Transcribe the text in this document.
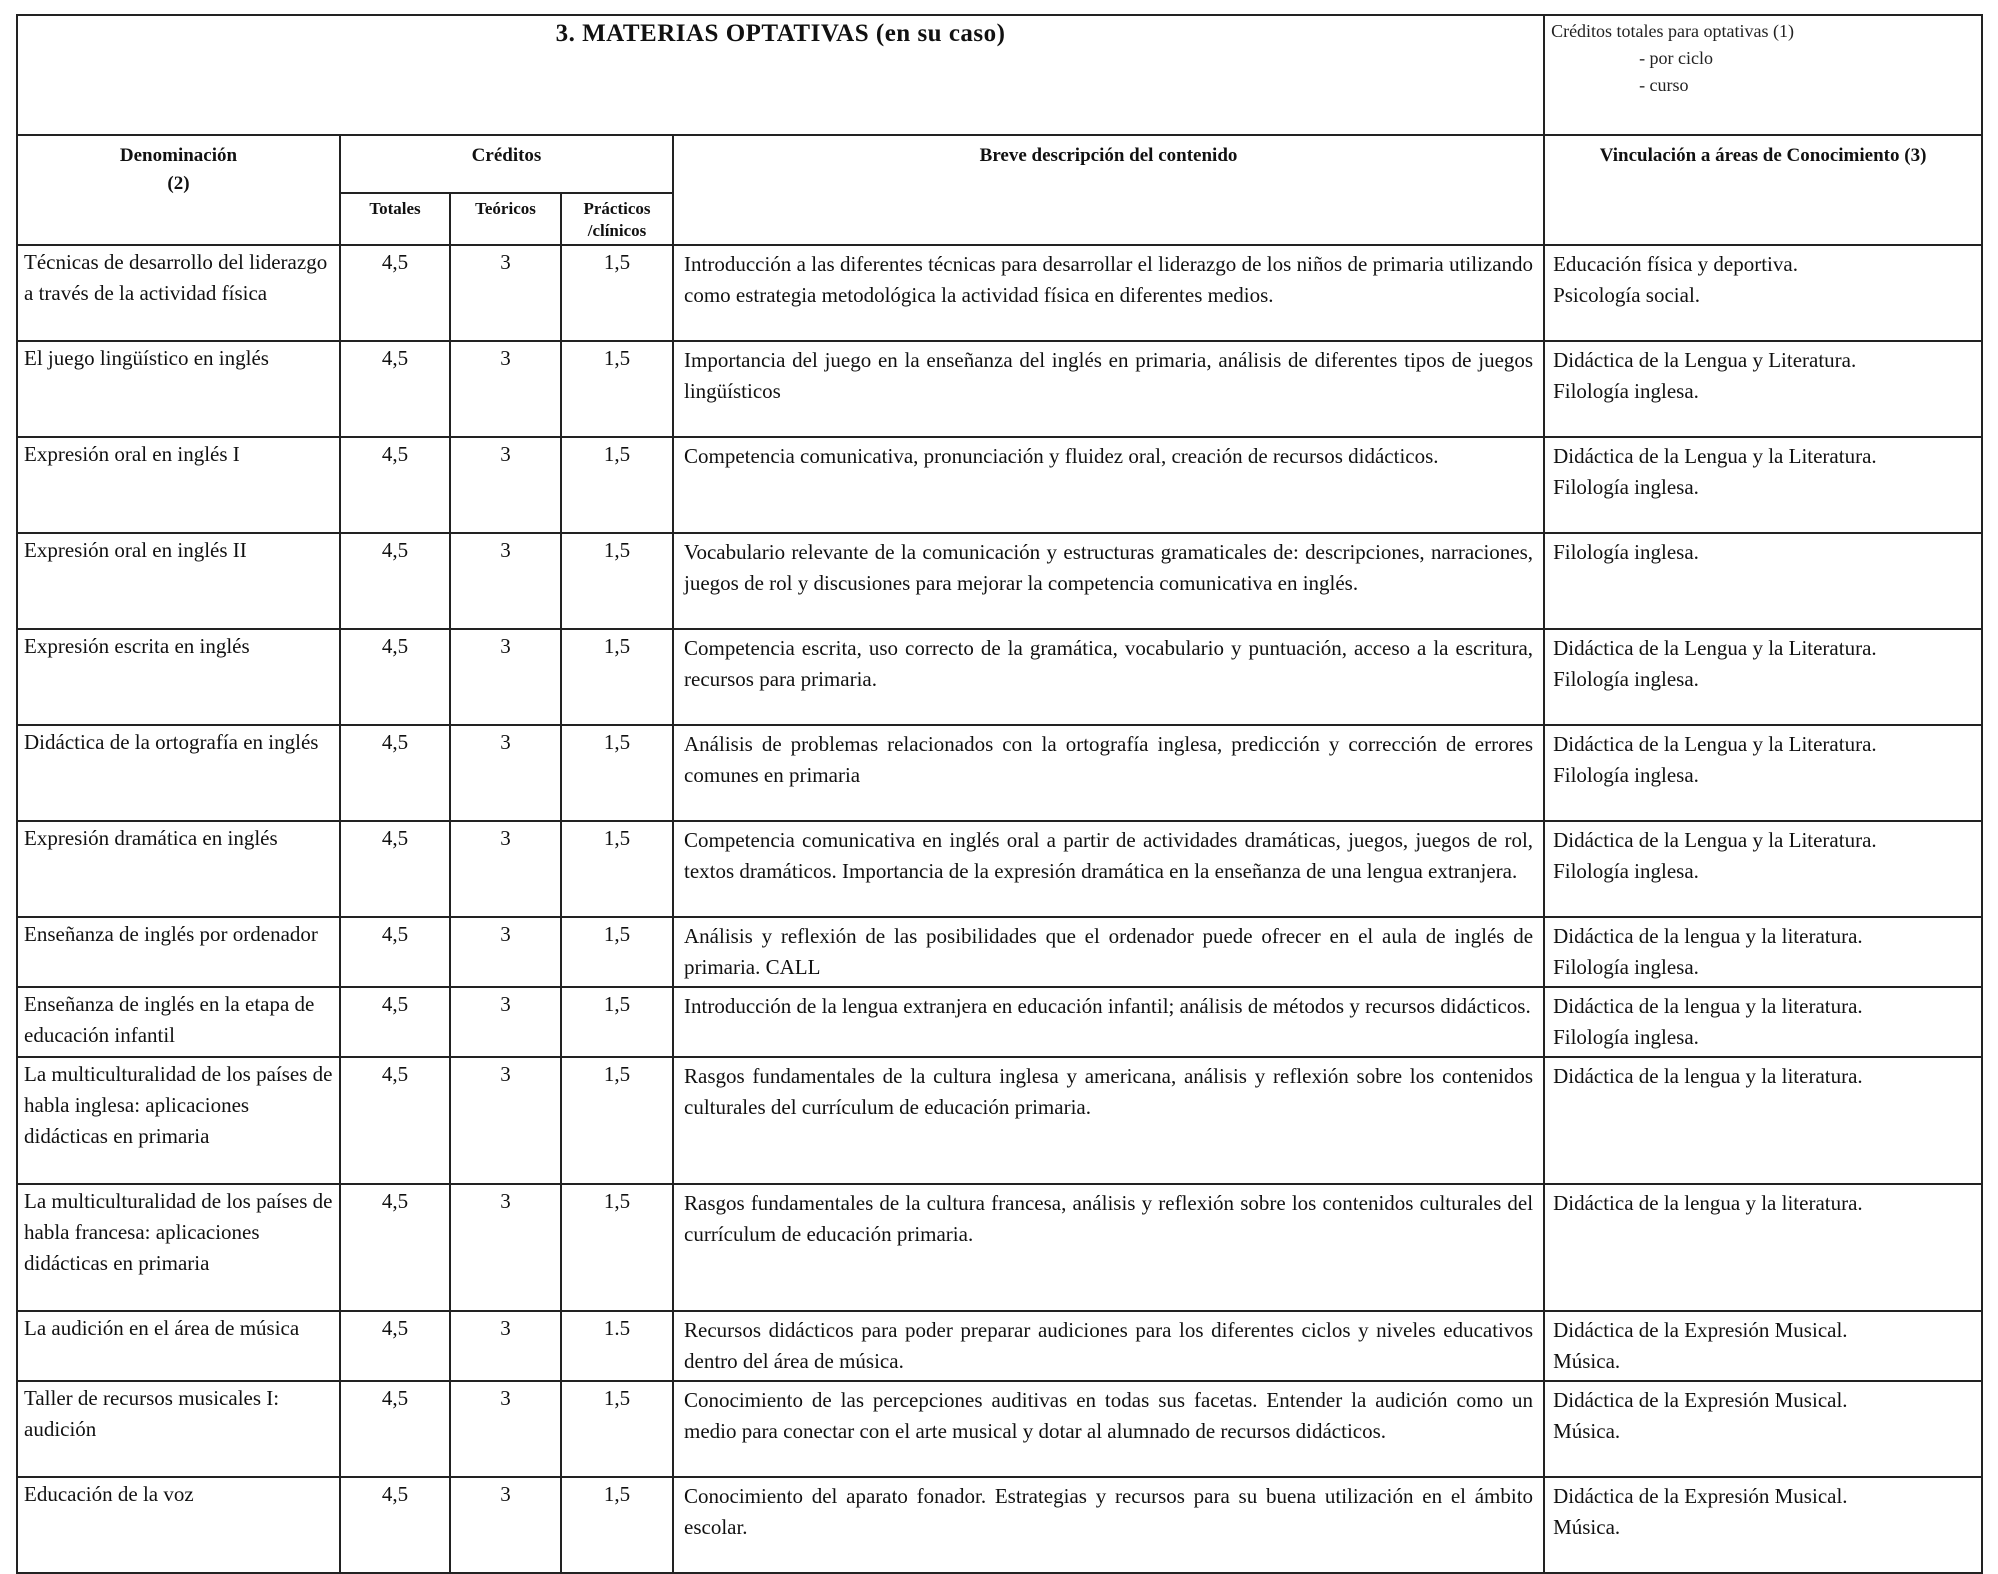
3. MATERIAS OPTATIVAS (en su caso)					Créditos totales para optativas (1)
- por ciclo
- curso

Denominación
(2)	Créditos			Breve descripción del contenido	Vinculación a áreas de Conocimiento (3)
	Totales	Teóricos	Prácticos /clínicos		
Técnicas de desarrollo del liderazgo a través de la actividad física	4,5	3	1,5	Introducción a las diferentes técnicas para desarrollar el liderazgo de los niños de primaria utilizando como estrategia metodológica la actividad física en diferentes medios.	Educación física y deportiva.
Psicología social.

El juego lingüístico en inglés	4,5	3	1,5	Importancia del juego en la enseñanza del inglés en primaria, análisis de diferentes tipos de juegos lingüísticos	Didáctica de la Lengua y Literatura.
Filología inglesa.

Expresión oral en inglés I	4,5	3	1,5	Competencia comunicativa, pronunciación y fluidez oral, creación de recursos didácticos.	Didáctica de la Lengua y la Literatura.
Filología inglesa.

Expresión oral en inglés II	4,5	3	1,5	Vocabulario relevante de la comunicación y estructuras gramaticales de: descripciones, narraciones, juegos de rol y discusiones para mejorar la competencia comunicativa en inglés.	Filología inglesa.

Expresión escrita en inglés	4,5	3	1,5	Competencia escrita, uso correcto de la gramática, vocabulario y puntuación, acceso a la escritura, recursos para primaria.	Didáctica de la Lengua y la Literatura.
Filología inglesa.

Didáctica de la ortografía en inglés	4,5	3	1,5	Análisis de problemas relacionados con la ortografía inglesa, predicción y corrección de errores comunes en primaria	Didáctica de la Lengua y la Literatura.
Filología inglesa.

Expresión dramática en inglés	4,5	3	1,5	Competencia comunicativa en inglés oral a partir de actividades dramáticas, juegos, juegos de rol, textos dramáticos. Importancia de la expresión dramática en la enseñanza de una lengua extranjera.	Didáctica de la Lengua y la Literatura.
Filología inglesa.

Enseñanza de inglés por ordenador	4,5	3	1,5	Análisis y reflexión de las posibilidades que el ordenador puede ofrecer en el aula de inglés de primaria. CALL	Didáctica de la lengua y la literatura.
Filología inglesa.

Enseñanza de inglés en la etapa de educación infantil	4,5	3	1,5	Introducción de la lengua extranjera en educación infantil; análisis de métodos y recursos didácticos.	Didáctica de la lengua y la literatura.
Filología inglesa.

La multiculturalidad de los países de habla inglesa: aplicaciones didácticas en primaria	4,5	3	1,5	Rasgos fundamentales de la cultura inglesa y americana, análisis y reflexión sobre los contenidos culturales del currículum de educación primaria.	Didáctica de la lengua y la literatura.

La multiculturalidad de los países de habla francesa: aplicaciones didácticas en primaria	4,5	3	1,5	Rasgos fundamentales de la cultura francesa, análisis y reflexión sobre los contenidos culturales del currículum de educación primaria.	Didáctica de la lengua y la literatura.

La audición en el área de música	4,5	3	1.5	Recursos didácticos para poder preparar audiciones para los diferentes ciclos y niveles educativos dentro del área de música.	Didáctica de la Expresión Musical.
Música.

Taller de recursos musicales I: audición	4,5	3	1,5	Conocimiento de las percepciones auditivas en todas sus facetas. Entender la audición como un medio para conectar con el arte musical y dotar al alumnado de recursos didácticos.	Didáctica de la Expresión Musical.
Música.

Educación de la voz	4,5	3	1,5	Conocimiento del aparato fonador. Estrategias y recursos para su buena utilización en el ámbito escolar.	Didáctica de la Expresión Musical.
Música.
